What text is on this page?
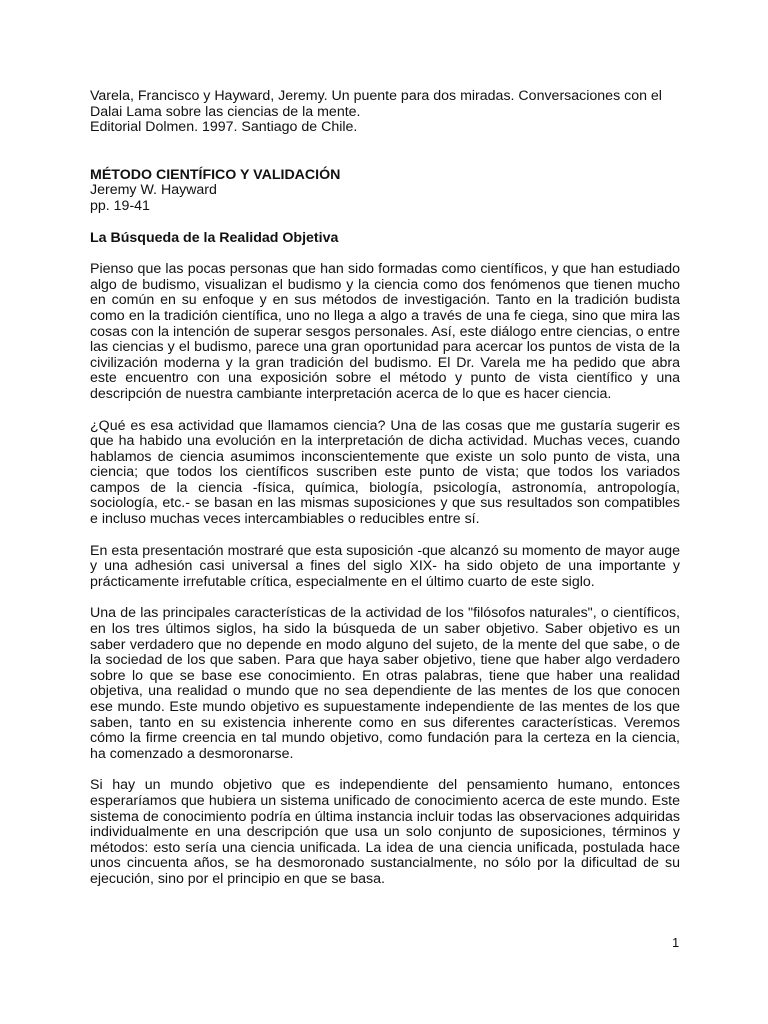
Varela, Francisco y Hayward, Jeremy. Un puente para dos miradas. Conversaciones con el Dalai Lama sobre las ciencias de la mente.

Editorial Dolmen. 1997. Santiago de Chile.

MÉTODO CIENTÍFICO Y VALIDACIÓN

Jeremy W. Hayward

pp. 19-41

La Búsqueda de la Realidad Objetiva

Pienso que las pocas personas que han sido formadas como científicos, y que han estudiado algo de budismo, visualizan el budismo y la ciencia como dos fenómenos que tienen mucho en común en su enfoque y en sus métodos de investigación. Tanto en la tradición budista como en la tradición científica, uno no llega a algo a través de una fe ciega, sino que mira las cosas con la intención de superar sesgos personales. Así, este diálogo entre ciencias, o entre las ciencias y el budismo, parece una gran oportunidad para acercar los puntos de vista de la civilización moderna y la gran tradición del budismo. El Dr. Varela me ha pedido que abra este encuentro con una exposición sobre el método y punto de vista científico y una descripción de nuestra cambiante interpretación acerca de lo que es hacer ciencia.

¿Qué es esa actividad que llamamos ciencia? Una de las cosas que me gustaría sugerir es que ha habido una evolución en la interpretación de dicha actividad. Muchas veces, cuando hablamos de ciencia asumimos inconscientemente que existe un solo punto de vista, una ciencia; que todos los científicos suscriben este punto de vista; que todos los variados campos de la ciencia -física, química, biología, psicología, astronomía, antropología, sociología, etc.- se basan en las mismas suposiciones y que sus resultados son compatibles e incluso muchas veces intercambiables o reducibles entre sí.

En esta presentación mostraré que esta suposición -que alcanzó su momento de mayor auge y una adhesión casi universal a fines del siglo XIX- ha sido objeto de una importante y prácticamente irrefutable crítica, especialmente en el último cuarto de este siglo.

Una de las principales características de la actividad de los "filósofos naturales", o científicos, en los tres últimos siglos, ha sido la búsqueda de un saber objetivo. Saber objetivo es un saber verdadero que no depende en modo alguno del sujeto, de la mente del que sabe, o de la sociedad de los que saben. Para que haya saber objetivo, tiene que haber algo verdadero sobre lo que se base ese conocimiento. En otras palabras, tiene que haber una realidad objetiva, una realidad o mundo que no sea dependiente de las mentes de los que conocen ese mundo. Este mundo objetivo es supuestamente independiente de las mentes de los que saben, tanto en su existencia inherente como en sus diferentes características. Veremos cómo la firme creencia en tal mundo objetivo, como fundación para la certeza en la ciencia, ha comenzado a desmoronarse.

Si hay un mundo objetivo que es independiente del pensamiento humano, entonces esperaríamos que hubiera un sistema unificado de conocimiento acerca de este mundo. Este sistema de conocimiento podría en última instancia incluir todas las observaciones adquiridas individualmente en una descripción que usa un solo conjunto de suposiciones, términos y métodos: esto sería una ciencia unificada. La idea de una ciencia unificada, postulada hace unos cincuenta años, se ha desmoronado sustancialmente, no sólo por la dificultad de su ejecución, sino por el principio en que se basa.

1
